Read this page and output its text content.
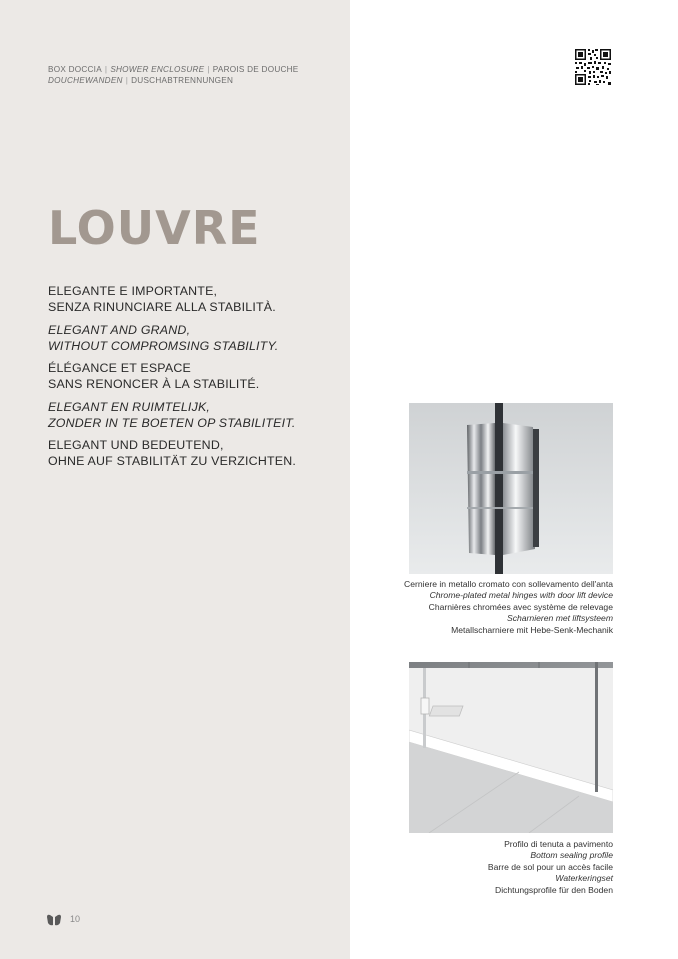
BOX DOCCIA | SHOWER ENCLOSURE | PAROIS DE DOUCHE
DOUCHEWANDEN | DUSCHABTRENNUNGEN
LOUVRE
ELEGANTE E IMPORTANTE,
SENZA RINUNCIARE ALLA STABILITÀ.
ELEGANT AND GRAND,
WITHOUT COMPROMSING STABILITY.
ÉLÉGANCE ET ESPACE
SANS RENONCER À LA STABILITÉ.
ELEGANT EN RUIMTELIJK,
ZONDER IN TE BOETEN OP STABILITEIT.
ELEGANT UND BEDEUTEND,
OHNE AUF STABILITÄT ZU VERZICHTEN.
Cerniere in metallo cromato con sollevamento dell'anta
Chrome-plated metal hinges with door lift device
Charnières chromées avec système de relevage
Scharnieren met liftsysteem
Metallscharniere mit Hebe-Senk-Mechanik
Profilo di tenuta a pavimento
Bottom sealing profile
Barre de sol pour un accès facile
Waterkeringset
Dichtungsprofile für den Boden
10
